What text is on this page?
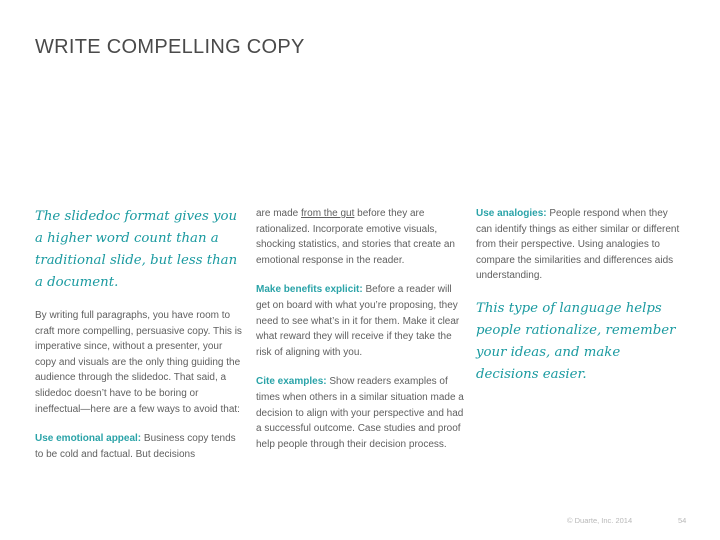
WRITE COMPELLING COPY

The slidedoc format gives you a higher word count than a traditional slide, but less than a document.

By writing full paragraphs, you have room to craft more compelling, persuasive copy. This is imperative since, without a presenter, your copy and visuals are the only thing guiding the audience through the slidedoc. That said, a slidedoc doesn’t have to be boring or ineffectual—here are a few ways to avoid that:

Use emotional appeal: Business copy tends to be cold and factual. But decisions

are made from the gut before they are rationalized. Incorporate emotive visuals, shocking statistics, and stories that create an emotional response in the reader.

Make benefits explicit: Before a reader will get on board with what you’re proposing, they need to see what’s in it for them. Make it clear what reward they will receive if they take the risk of aligning with you.

Cite examples: Show readers examples of times when others in a similar situation made a decision to align with your perspective and had a successful outcome. Case studies and proof help people through their decision process.

Use analogies: People respond when they can identify things as either similar or different from their perspective. Using analogies to compare the similarities and differences aids understanding.

This type of language helps people rationalize, remember your ideas, and make decisions easier.

© Duarte, Inc. 2014	54
